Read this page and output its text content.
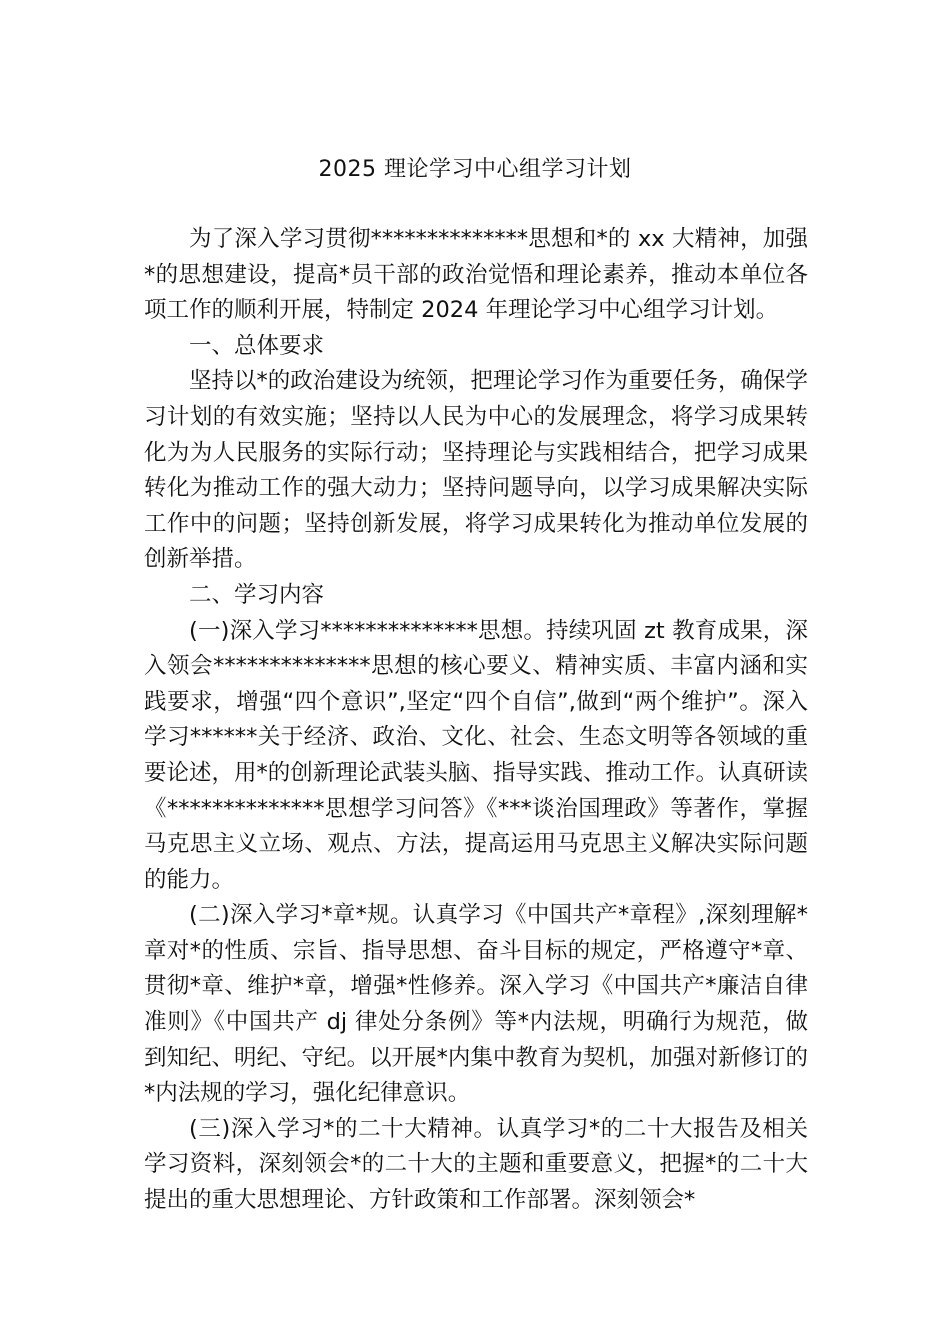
2025 理论学习中心组学习计划

为了深入学习贯彻**************思想和*的 xx 大精神，加强*的思想建设，提高*员干部的政治觉悟和理论素养，推动本单位各项工作的顺利开展，特制定 2024 年理论学习中心组学习计划。

一、总体要求

坚持以*的政治建设为统领，把理论学习作为重要任务，确保学习计划的有效实施；坚持以人民为中心的发展理念，将学习成果转化为为人民服务的实际行动；坚持理论与实践相结合，把学习成果转化为推动工作的强大动力；坚持问题导向，以学习成果解决实际工作中的问题；坚持创新发展，将学习成果转化为推动单位发展的创新举措。

二、学习内容

(一)深入学习**************思想。持续巩固 zt 教育成果，深入领会**************思想的核心要义、精神实质、丰富内涵和实践要求，增强“四个意识”,坚定“四个自信”,做到“两个维护”。深入学习******关于经济、政治、文化、社会、生态文明等各领域的重要论述，用*的创新理论武装头脑、指导实践、推动工作。认真研读《**************思想学习问答》《***谈治国理政》等著作，掌握马克思主义立场、观点、方法，提高运用马克思主义解决实际问题的能力。

(二)深入学习*章*规。认真学习《中国共产*章程》,深刻理解*章对*的性质、宗旨、指导思想、奋斗目标的规定，严格遵守*章、贯彻*章、维护*章，增强*性修养。深入学习《中国共产*廉洁自律准则》《中国共产 dj 律处分条例》等*内法规，明确行为规范，做到知纪、明纪、守纪。以开展*内集中教育为契机，加强对新修订的*内法规的学习，强化纪律意识。

(三)深入学习*的二十大精神。认真学习*的二十大报告及相关学习资料，深刻领会*的二十大的主题和重要意义，把握*的二十大提出的重大思想理论、方针政策和工作部署。深刻领会*
